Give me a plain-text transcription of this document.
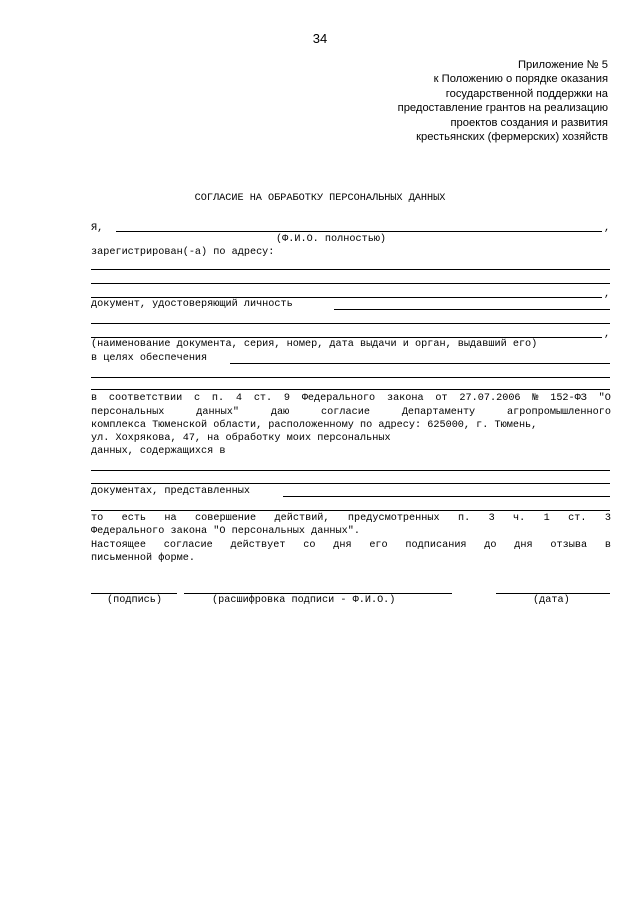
34
Приложение № 5
к Положению о порядке оказания
государственной поддержки на
предоставление грантов на реализацию
проектов создания и развития
крестьянских (фермерских) хозяйств
СОГЛАСИЕ НА ОБРАБОТКУ ПЕРСОНАЛЬНЫХ ДАННЫХ
Я,	,
(Ф.И.О. полностью)
зарегистрирован(-а) по адресу:
,
документ, удостоверяющий личность
,
(наименование документа, серия, номер, дата выдачи и орган, выдавший его)
в целях обеспечения
в соответствии с п. 4 ст. 9 Федерального закона от 27.07.2006 № 152-ФЗ "О
персональных	данных"	даю	согласие	Департаменту	агропромышленного
комплекса Тюменской области, расположенному по адресу: 625000, г. Тюмень,
ул. Хохрякова, 47, на обработку моих персональных
данных, содержащихся в
документах, представленных
то есть на совершение действий, предусмотренных п. 3 ч. 1 ст. 3
Федерального закона "О персональных данных".
Настоящее согласие действует со дня его подписания до дня отзыва в
письменной форме.
(подпись)	(расшифровка подписи - Ф.И.О.)	(дата)
